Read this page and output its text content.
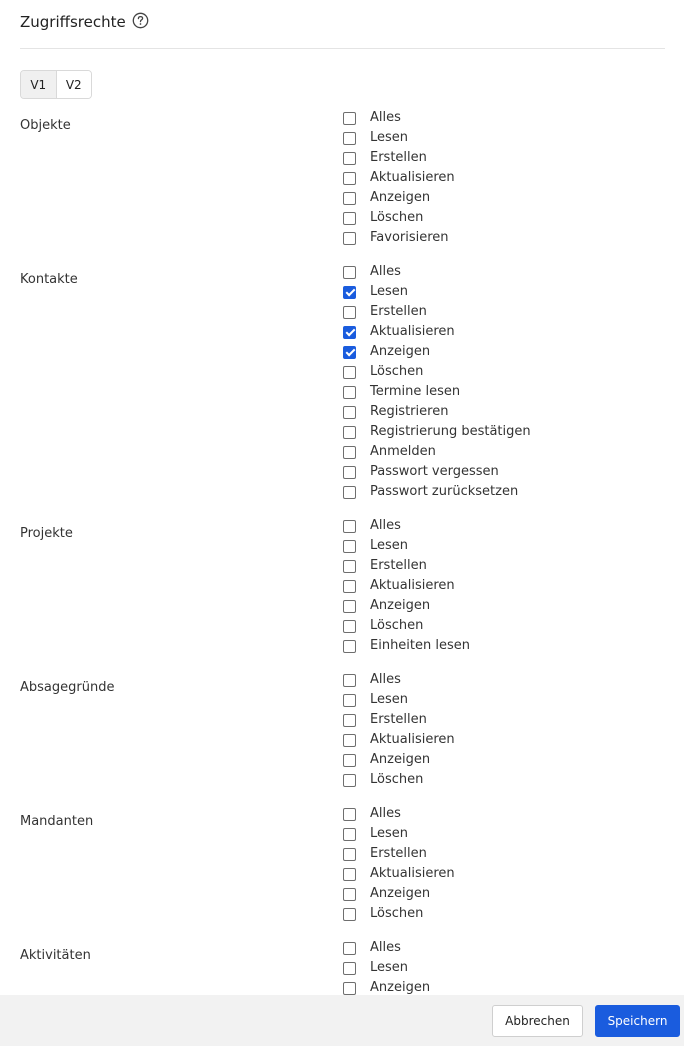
Zugriffsrechte
V1	V2
Objekte
Alles
Lesen
Erstellen
Aktualisieren
Anzeigen
Löschen
Favorisieren
Kontakte
Alles
Lesen
Erstellen
Aktualisieren
Anzeigen
Löschen
Termine lesen
Registrieren
Registrierung bestätigen
Anmelden
Passwort vergessen
Passwort zurücksetzen
Projekte
Alles
Lesen
Erstellen
Aktualisieren
Anzeigen
Löschen
Einheiten lesen
Absagegründe
Alles
Lesen
Erstellen
Aktualisieren
Anzeigen
Löschen
Mandanten
Alles
Lesen
Erstellen
Aktualisieren
Anzeigen
Löschen
Aktivitäten
Alles
Lesen
Anzeigen
Abbrechen	Speichern
